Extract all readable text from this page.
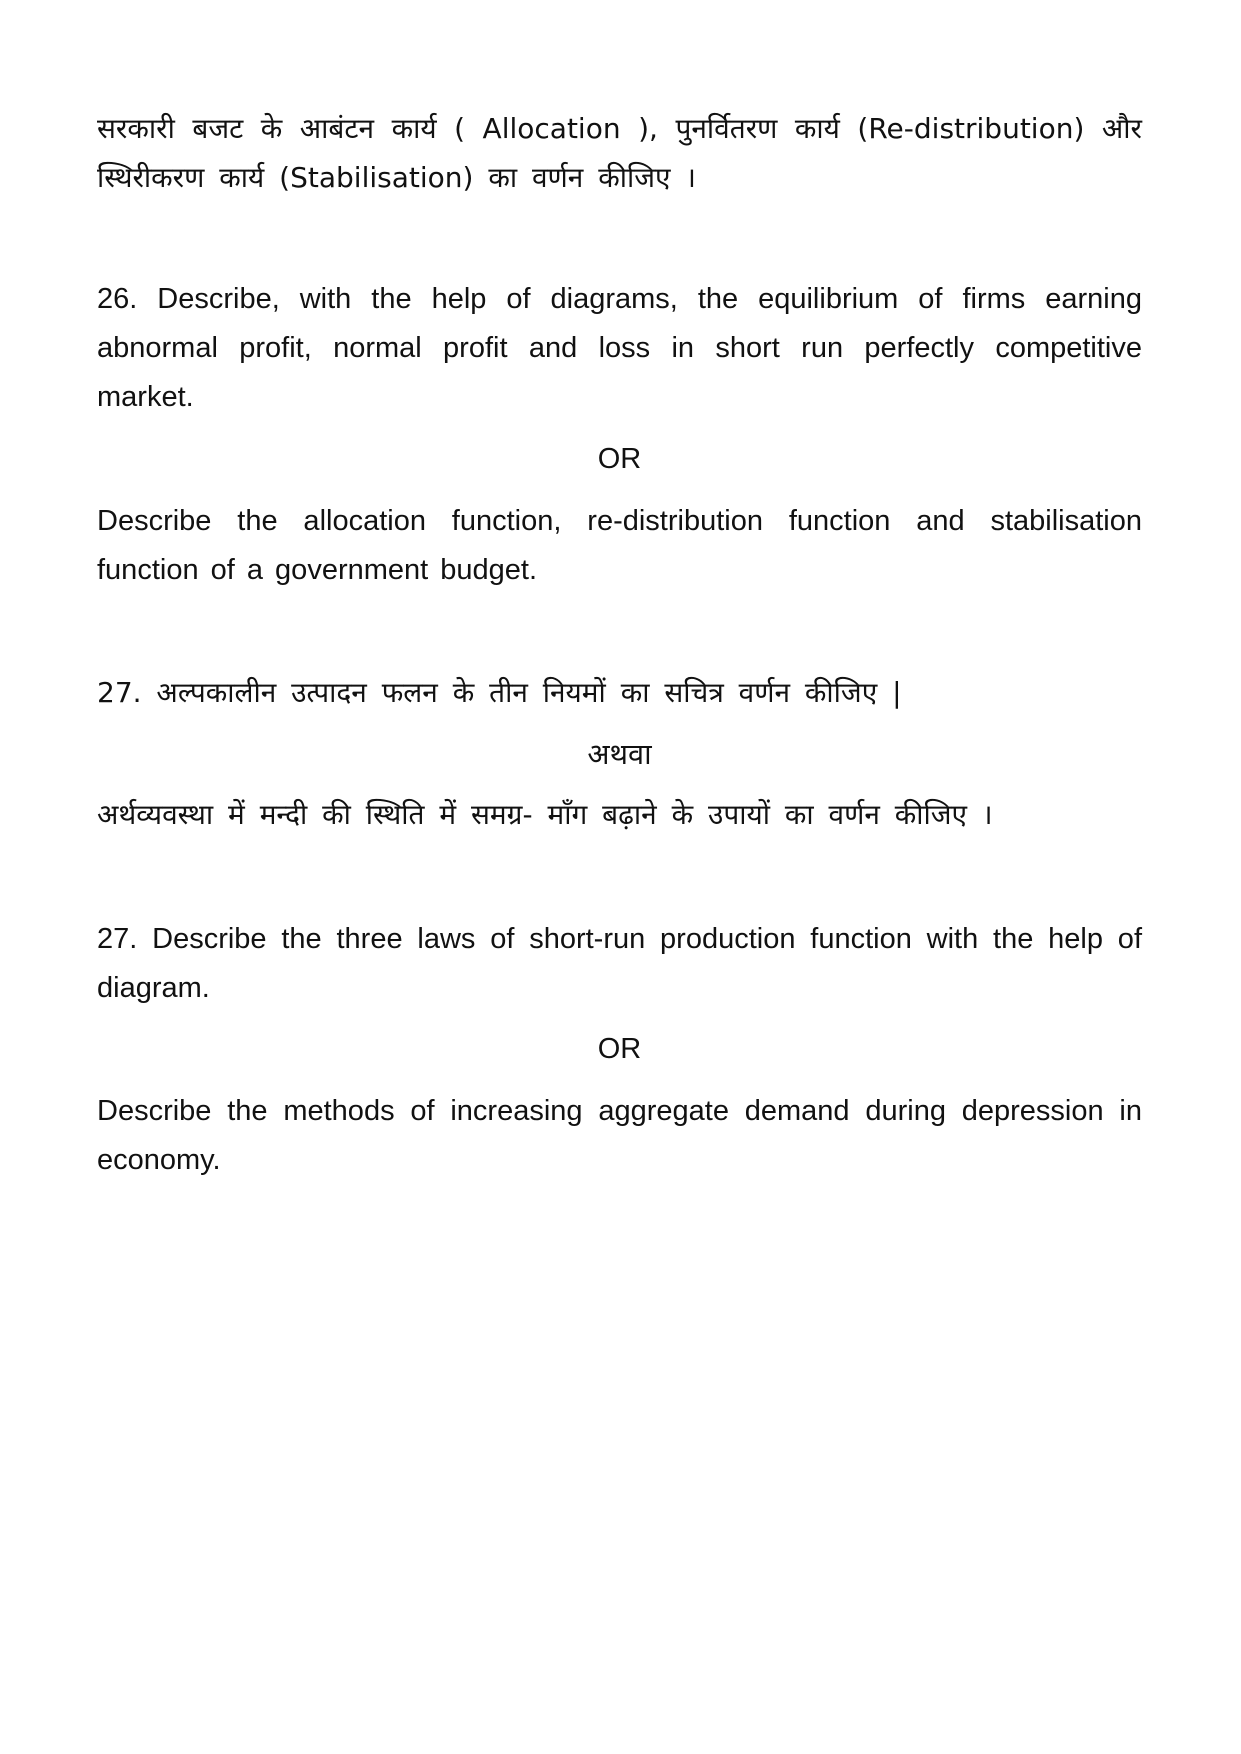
सरकारी बजट के आबंटन कार्य ( Allocation ), पुनर्वितरण कार्य (Re-distribution) और स्थिरीकरण कार्य (Stabilisation) का वर्णन कीजिए ।

26. Describe, with the help of diagrams, the equilibrium of firms earning abnormal profit, normal profit and loss in short run perfectly competitive market.

OR

Describe the allocation function, re-distribution function and stabilisation function of a government budget.

27. अल्पकालीन उत्पादन फलन के तीन नियमों का सचित्र वर्णन कीजिए |

अथवा

अर्थव्यवस्था में मन्दी की स्थिति में समग्र- माँग बढ़ाने के उपायों का वर्णन कीजिए ।

27. Describe the three laws of short-run production function with the help of diagram.

OR

Describe the methods of increasing aggregate demand during depression in economy.
